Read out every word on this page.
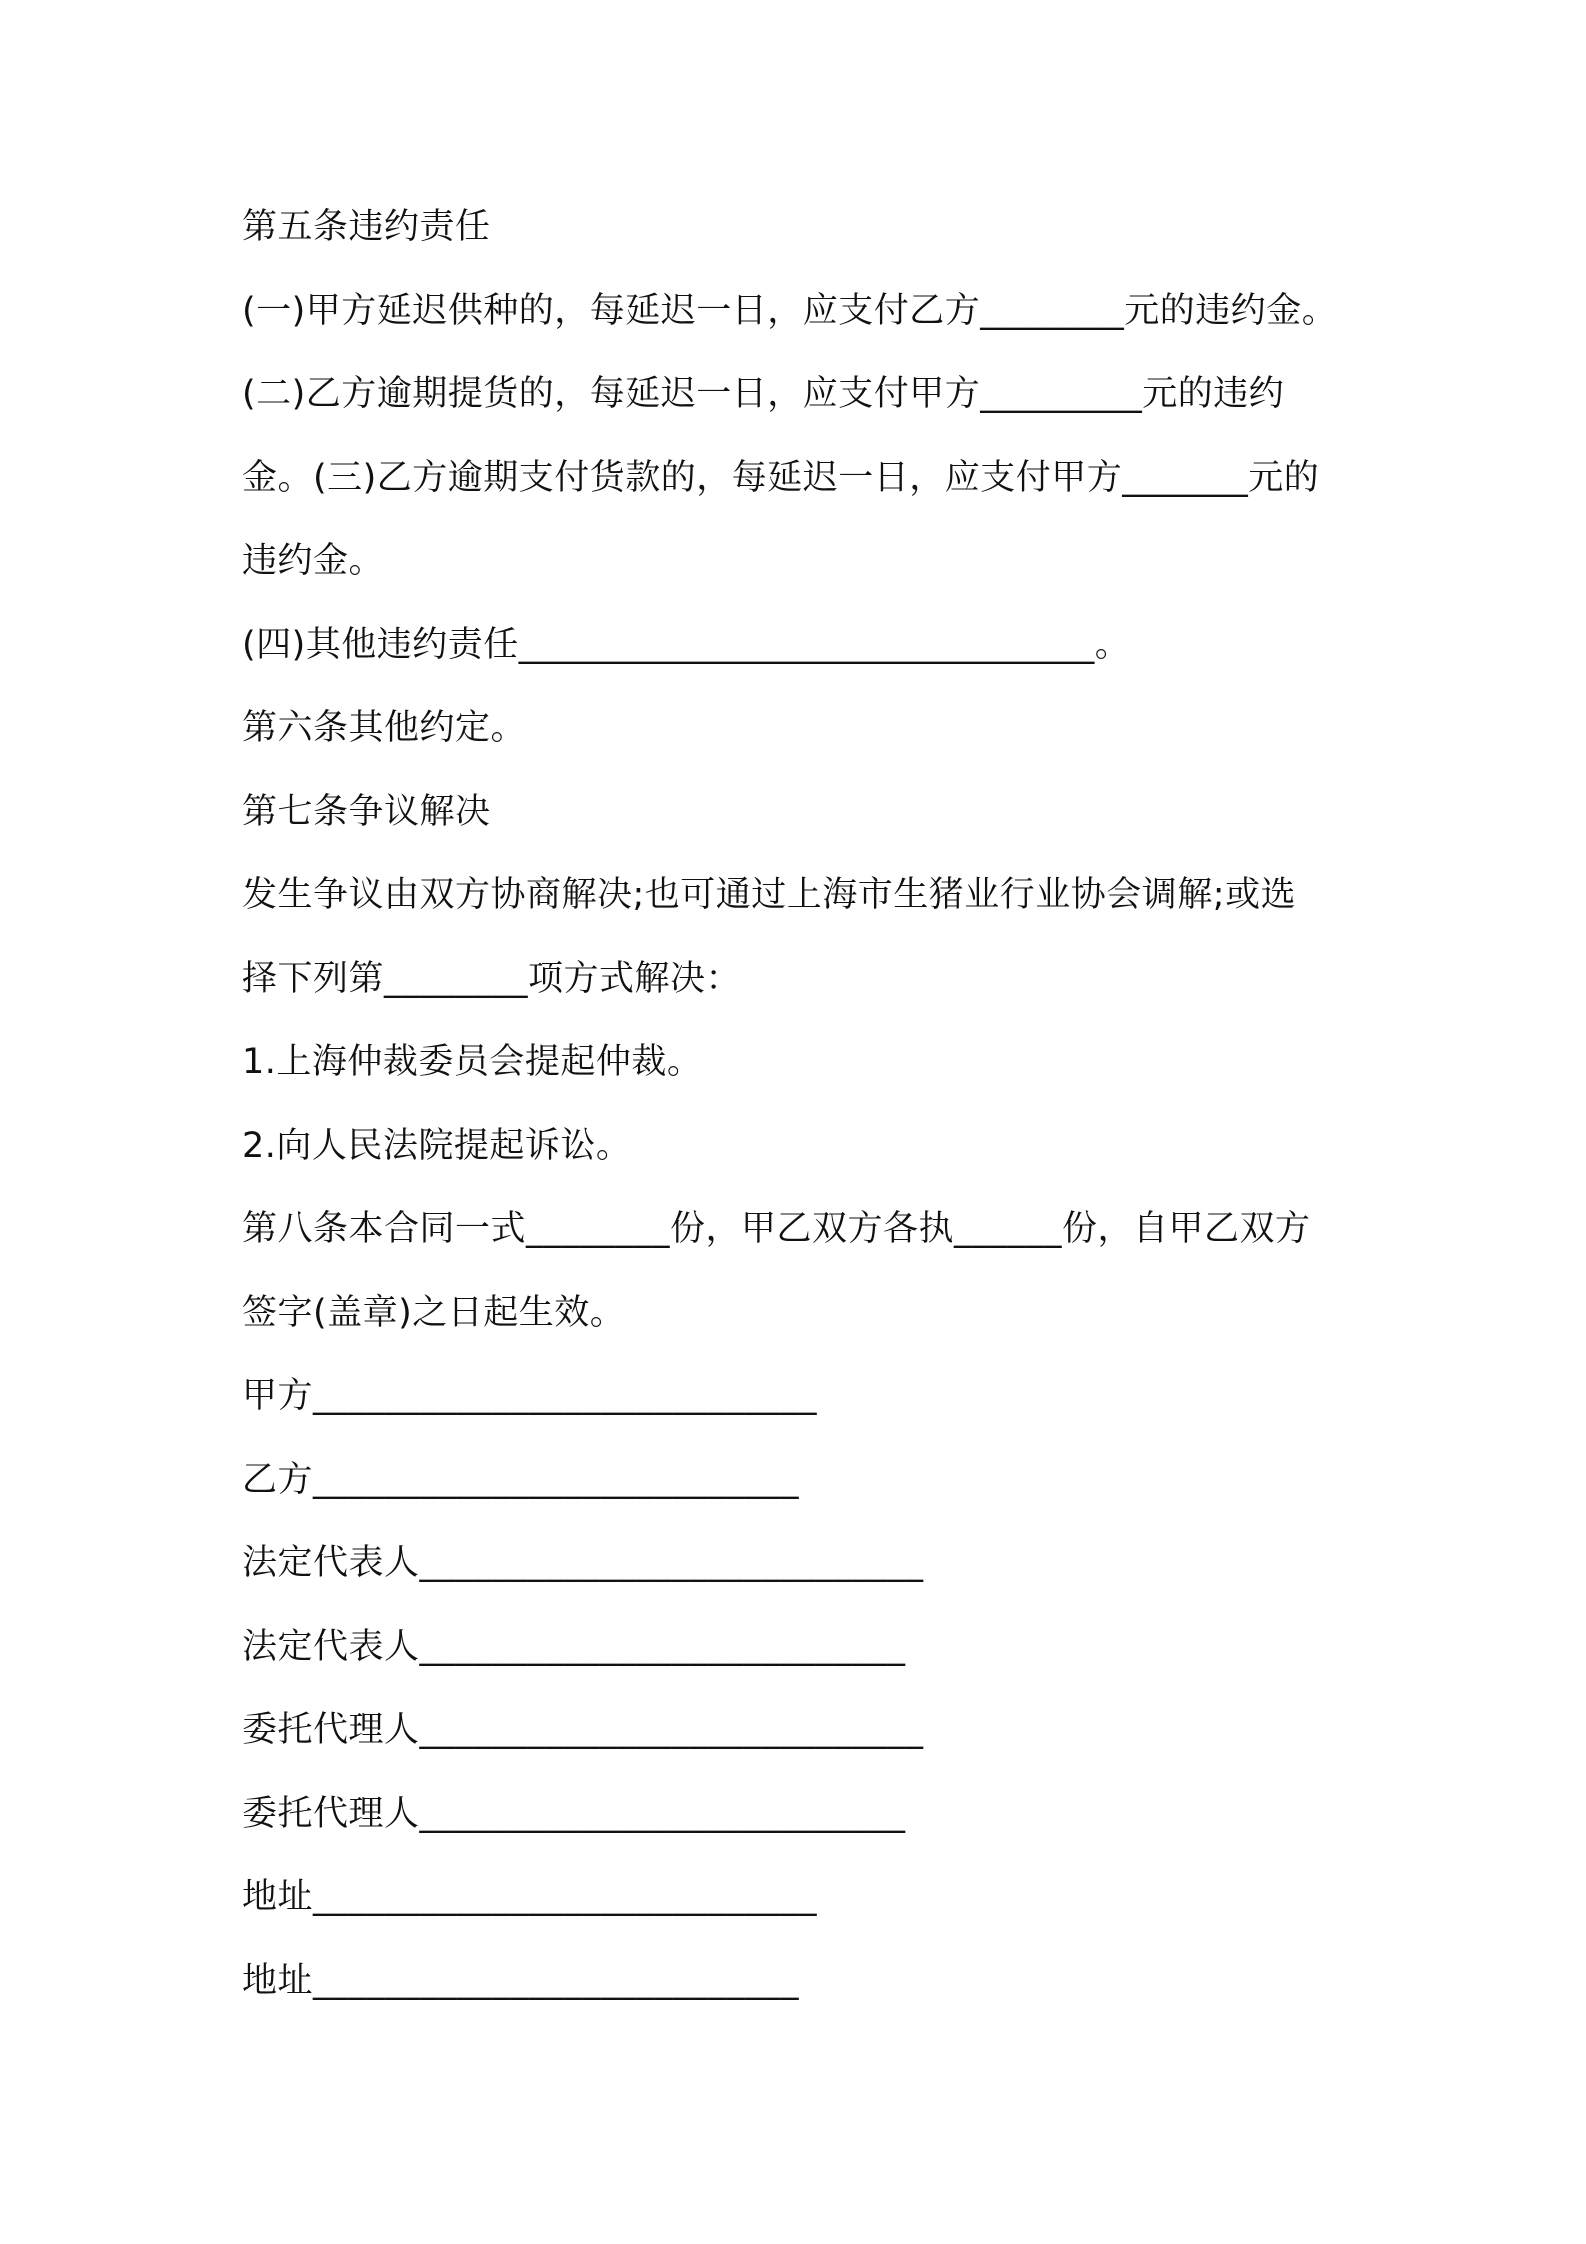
第五条违约责任

(一)甲方延迟供种的，每延迟一日，应支付乙方________元的违约金。

(二)乙方逾期提货的，每延迟一日，应支付甲方_________元的违约

金。(三)乙方逾期支付货款的，每延迟一日，应支付甲方_______元的

违约金。

(四)其他违约责任________________________________。

第六条其他约定。

第七条争议解决

发生争议由双方协商解决;也可通过上海市生猪业行业协会调解;或选

择下列第________项方式解决：

1.上海仲裁委员会提起仲裁。

2.向人民法院提起诉讼。

第八条本合同一式________份，甲乙双方各执______份，自甲乙双方

签字(盖章)之日起生效。

甲方____________________________

乙方___________________________

法定代表人____________________________

法定代表人___________________________

委托代理人____________________________

委托代理人___________________________

地址____________________________

地址___________________________
